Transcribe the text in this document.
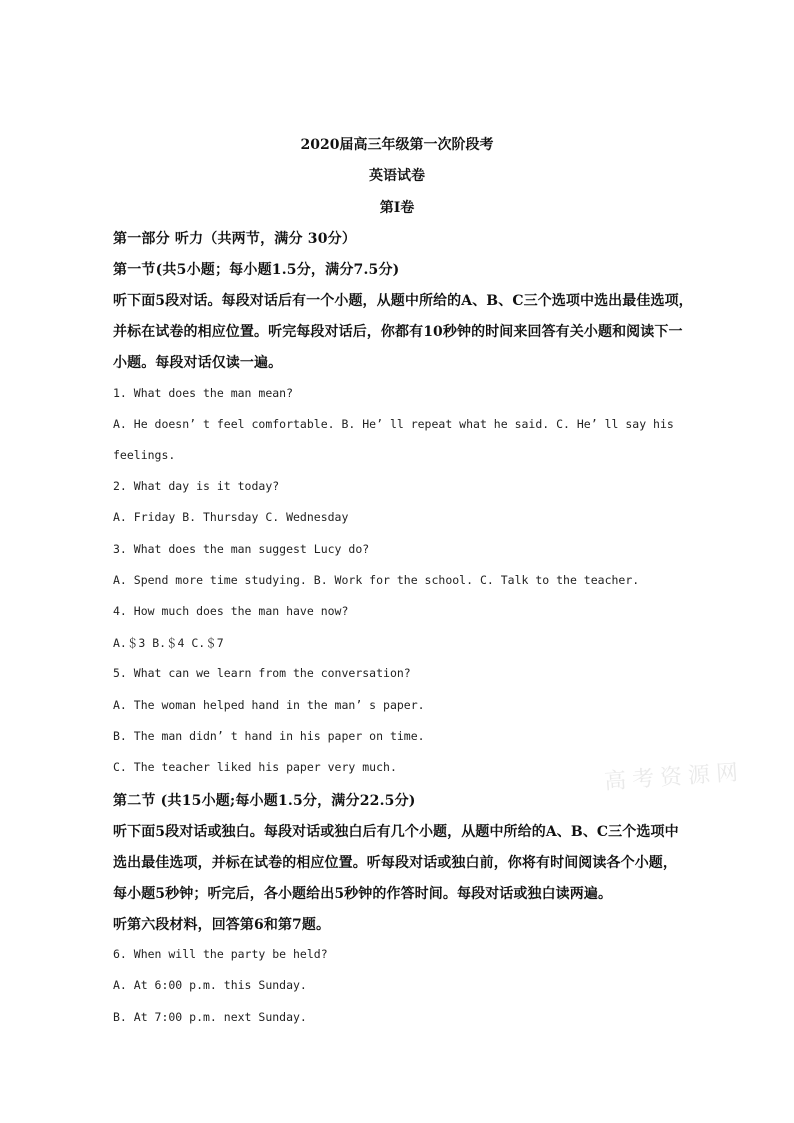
2020届高三年级第一次阶段考
英语试卷
第I卷
第一部分 听力（共两节，满分 30分）
第一节(共5小题；每小题1.5分，满分7.5分)
听下面5段对话。每段对话后有一个小题，从题中所给的A、B、C三个选项中选出最佳选项，
并标在试卷的相应位置。听完每段对话后，你都有10秒钟的时间来回答有关小题和阅读下一
小题。每段对话仅读一遍。
1. What does the man mean?
A. He doesn’ t feel comfortable. B. He’ ll repeat what he said. C. He’ ll say his
feelings.
2. What day is it today?
A. Friday B. Thursday C. Wednesday
3. What does the man suggest Lucy do?
A. Spend more time studying. B. Work for the school. C. Talk to the teacher.
4. How much does the man have now?
A.＄3 B.＄4 C.＄7
5. What can we learn from the conversation?
A. The woman helped hand in the man’ s paper.
B. The man didn’ t hand in his paper on time.
C. The teacher liked his paper very much.
第二节 (共15小题;每小题1.5分，满分22.5分)
听下面5段对话或独白。每段对话或独白后有几个小题，从题中所给的A、B、C三个选项中
选出最佳选项，并标在试卷的相应位置。听每段对话或独白前，你将有时间阅读各个小题，
每小题5秒钟；听完后，各小题给出5秒钟的作答时间。每段对话或独白读两遍。
听第六段材料，回答第6和第7题。
6. When will the party be held?
A. At 6:00 p.m. this Sunday.
B. At 7:00 p.m. next Sunday.
高考资源网
